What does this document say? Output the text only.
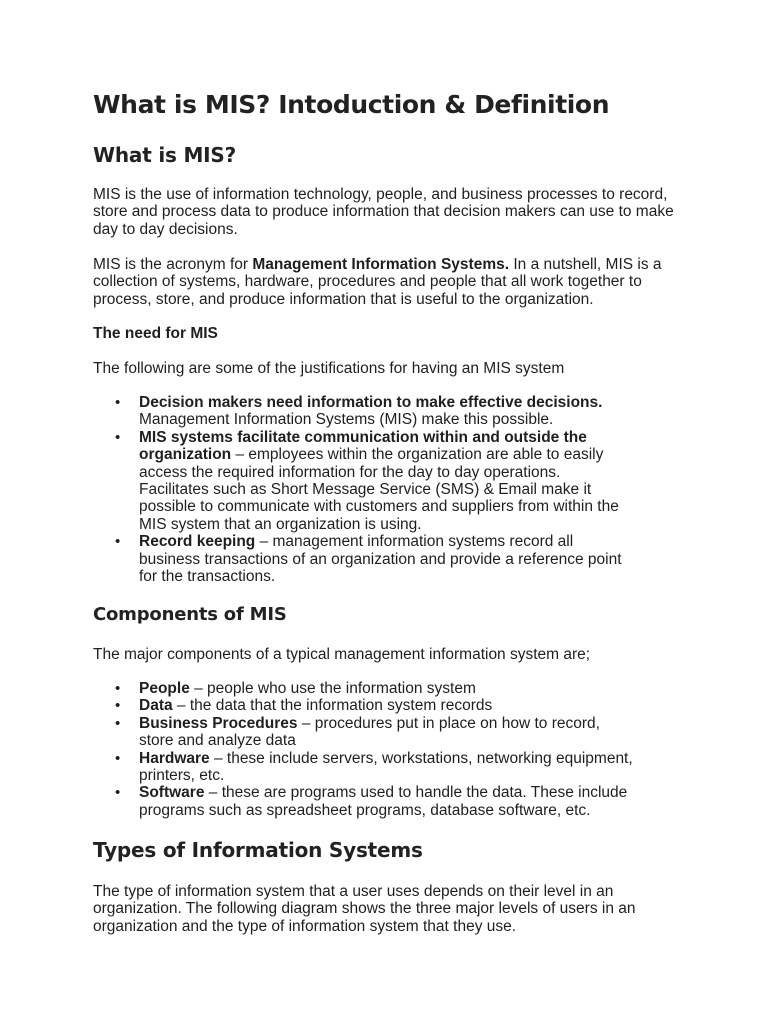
What is MIS? Intoduction & Definition
What is MIS?

MIS is the use of information technology, people, and business processes to record, store and process data to produce information that decision makers can use to make day to day decisions.

MIS is the acronym for Management Information Systems. In a nutshell, MIS is a collection of systems, hardware, procedures and people that all work together to process, store, and produce information that is useful to the organization.

The need for MIS

The following are some of the justifications for having an MIS system

• Decision makers need information to make effective decisions. Management Information Systems (MIS) make this possible.
• MIS systems facilitate communication within and outside the organization – employees within the organization are able to easily access the required information for the day to day operations. Facilitates such as Short Message Service (SMS) & Email make it possible to communicate with customers and suppliers from within the MIS system that an organization is using.
• Record keeping – management information systems record all business transactions of an organization and provide a reference point for the transactions.
Components of MIS

The major components of a typical management information system are;

• People – people who use the information system
• Data – the data that the information system records
• Business Procedures – procedures put in place on how to record, store and analyze data
• Hardware – these include servers, workstations, networking equipment, printers, etc.
• Software – these are programs used to handle the data. These include programs such as spreadsheet programs, database software, etc.
Types of Information Systems

The type of information system that a user uses depends on their level in an organization. The following diagram shows the three major levels of users in an organization and the type of information system that they use.
